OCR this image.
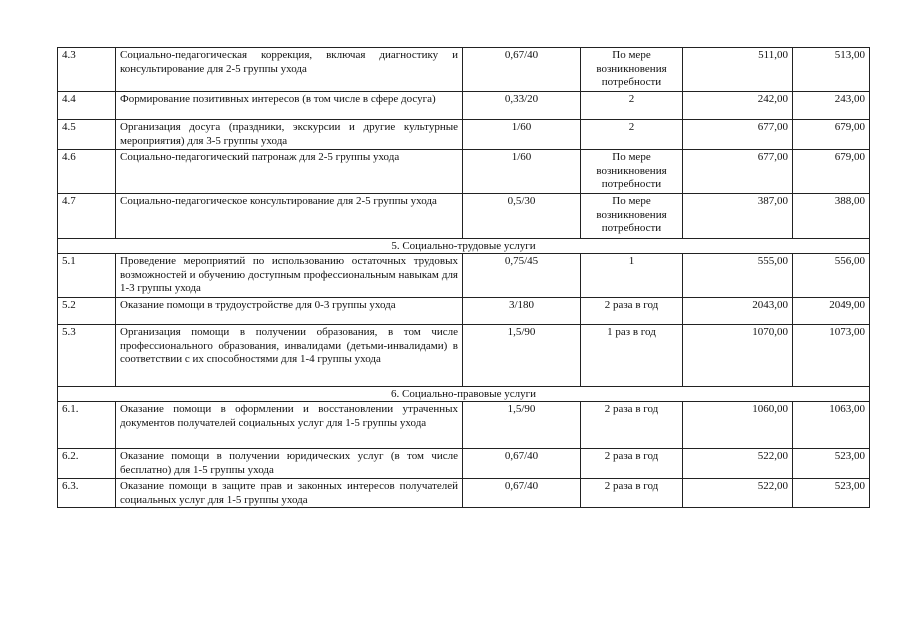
4.3	Социально-педагогическая коррекция, включая диагностику и консультирование для 2-5 группы ухода	0,67/40	По мере возникновения потребности	511,00	513,00
4.4	Формирование позитивных интересов (в том числе в сфере досуга)	0,33/20	2	242,00	243,00
4.5	Организация досуга (праздники, экскурсии и другие культурные мероприятия) для 3-5 группы ухода	1/60	2	677,00	679,00
4.6	Социально-педагогический патронаж для 2-5 группы ухода	1/60	По мере возникновения потребности	677,00	679,00
4.7	Социально-педагогическое консультирование для 2-5 группы ухода	0,5/30	По мере возникновения потребности	387,00	388,00
5. Социально-трудовые услуги					
5.1	Проведение мероприятий по использованию остаточных трудовых возможностей и обучению доступным профессиональным навыкам для 1-3 группы ухода	0,75/45	1	555,00	556,00
5.2	Оказание помощи в трудоустройстве для 0-3 группы ухода	3/180	2 раза в год	2043,00	2049,00
5.3	Организация помощи в получении образования, в том числе профессионального образования, инвалидами (детьми-инвалидами) в соответствии с их способностями для 1-4 группы ухода	1,5/90	1 раз в год	1070,00	1073,00
6. Социально-правовые услуги					
6.1.	Оказание помощи в оформлении и восстановлении утраченных документов получателей социальных услуг для 1-5 группы ухода	1,5/90	2 раза в год	1060,00	1063,00
6.2.	Оказание помощи в получении юридических услуг (в том числе бесплатно) для 1-5 группы ухода	0,67/40	2 раза в год	522,00	523,00
6.3.	Оказание помощи в защите прав и законных интересов получателей социальных услуг для 1-5 группы ухода	0,67/40	2 раза в год	522,00	523,00
